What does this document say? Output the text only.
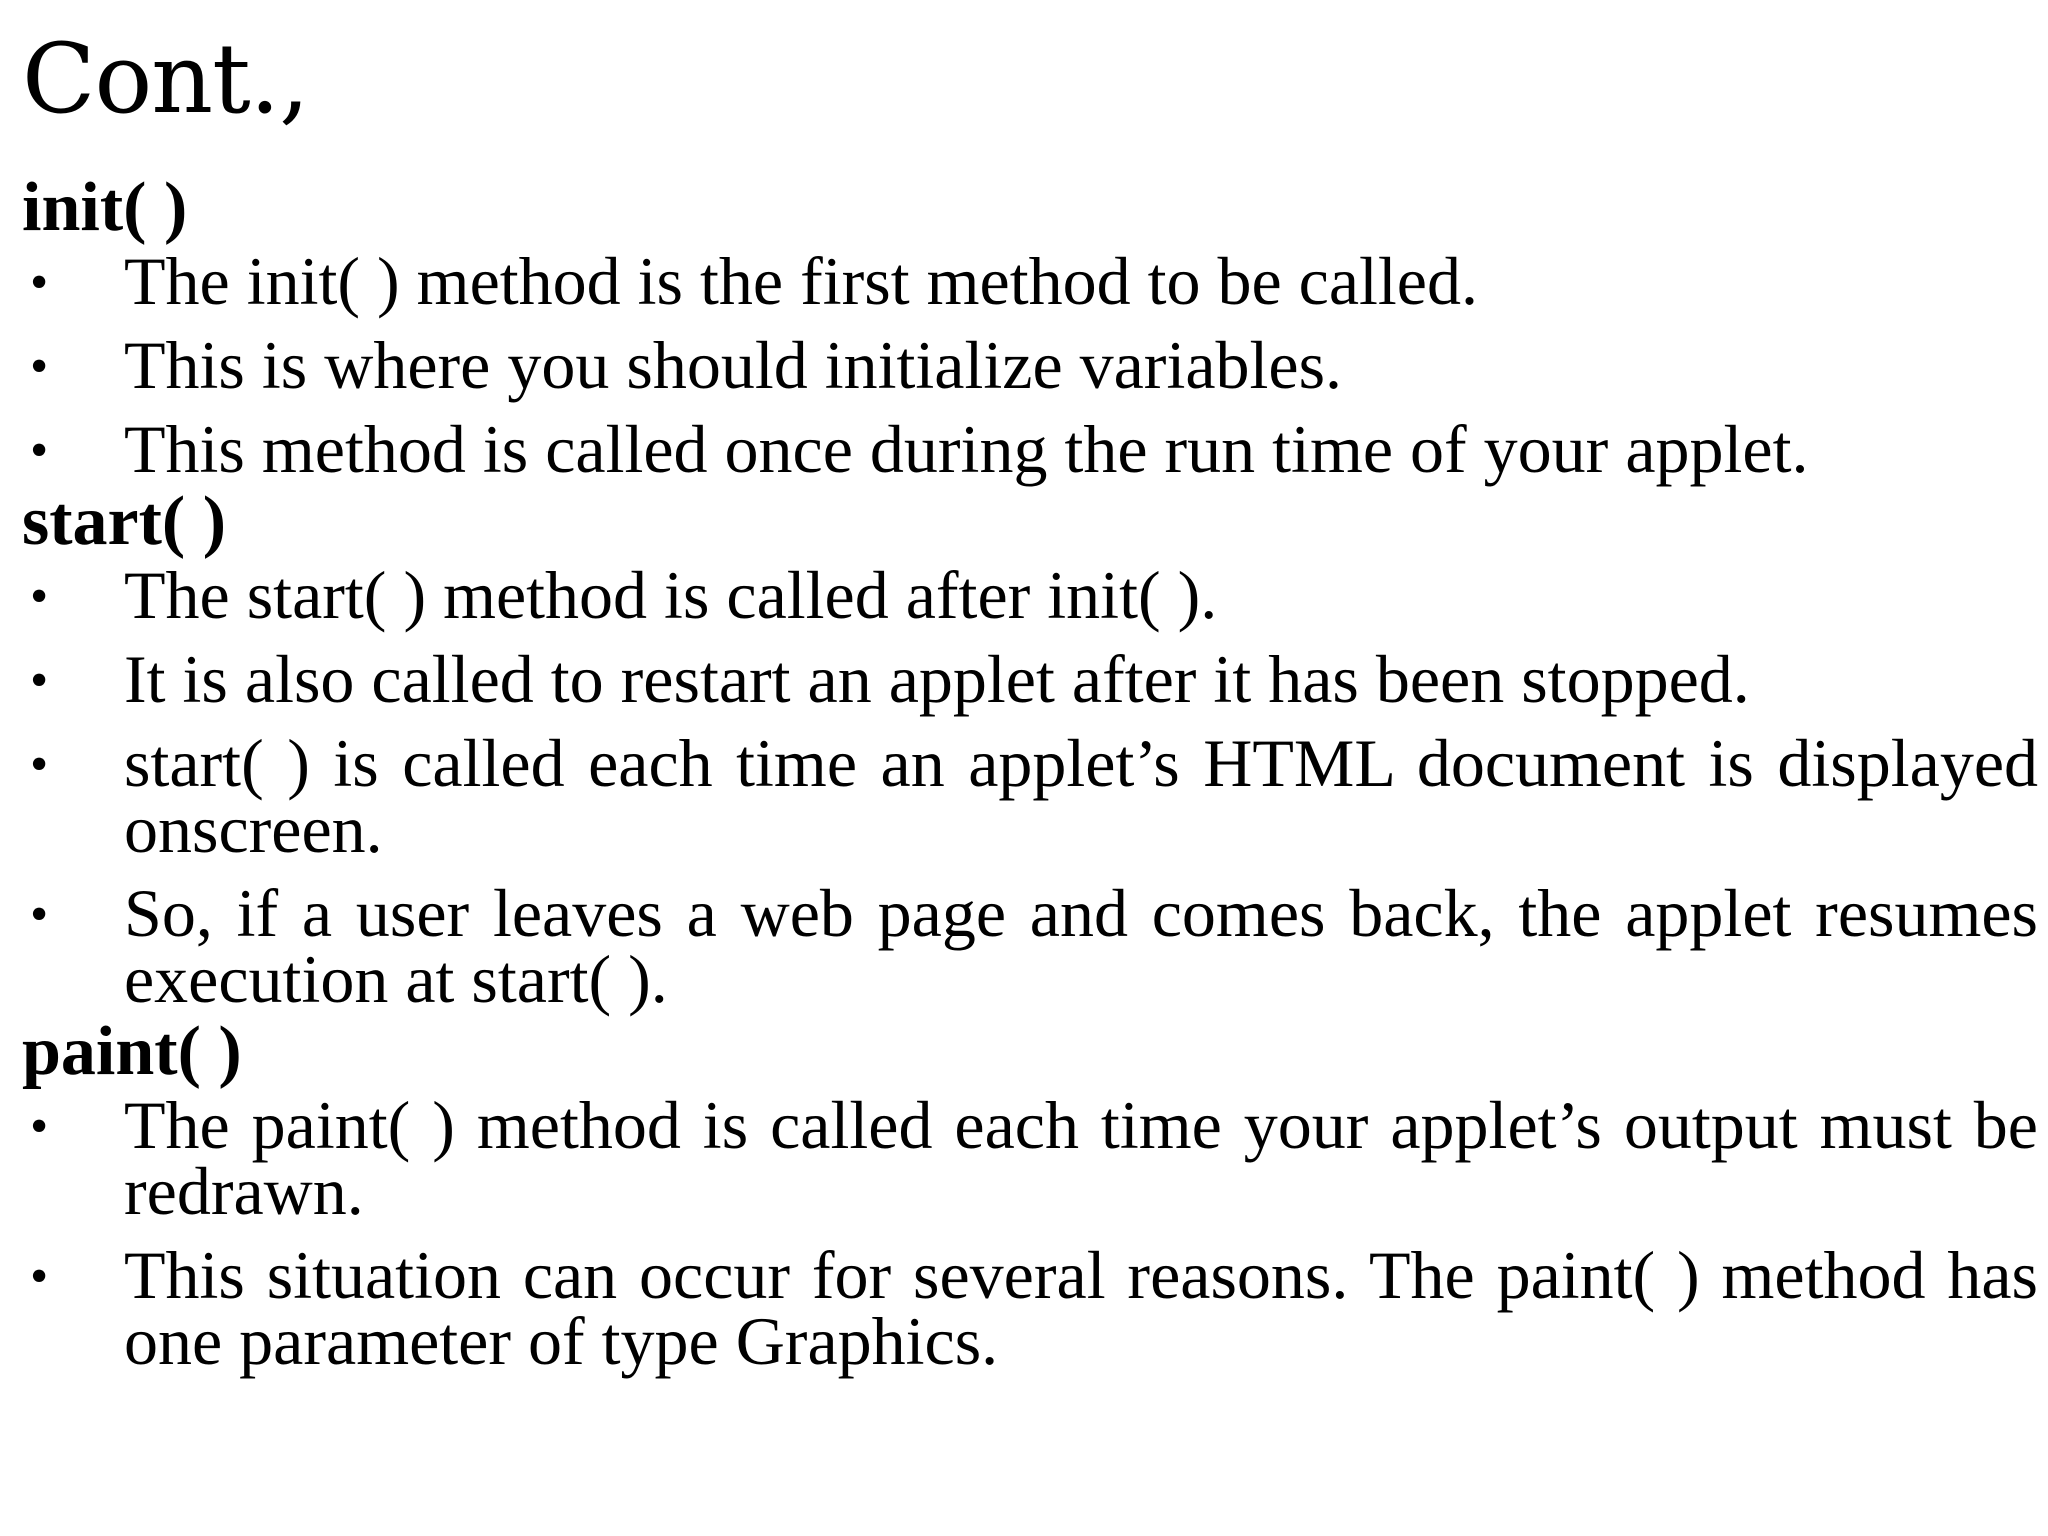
Cont.,
init( )
• The init( ) method is the first method to be called.
• This is where you should initialize variables.
• This method is called once during the run time of your applet.
start( )
• The start( ) method is called after init( ).
• It is also called to restart an applet after it has been stopped.
• start( ) is called each time an applet’s HTML document is displayed onscreen.
• So, if a user leaves a web page and comes back, the applet resumes execution at start( ).
paint( )
• The paint( ) method is called each time your applet’s output must be redrawn.
• This situation can occur for several reasons. The paint( ) method has one parameter of type Graphics.
